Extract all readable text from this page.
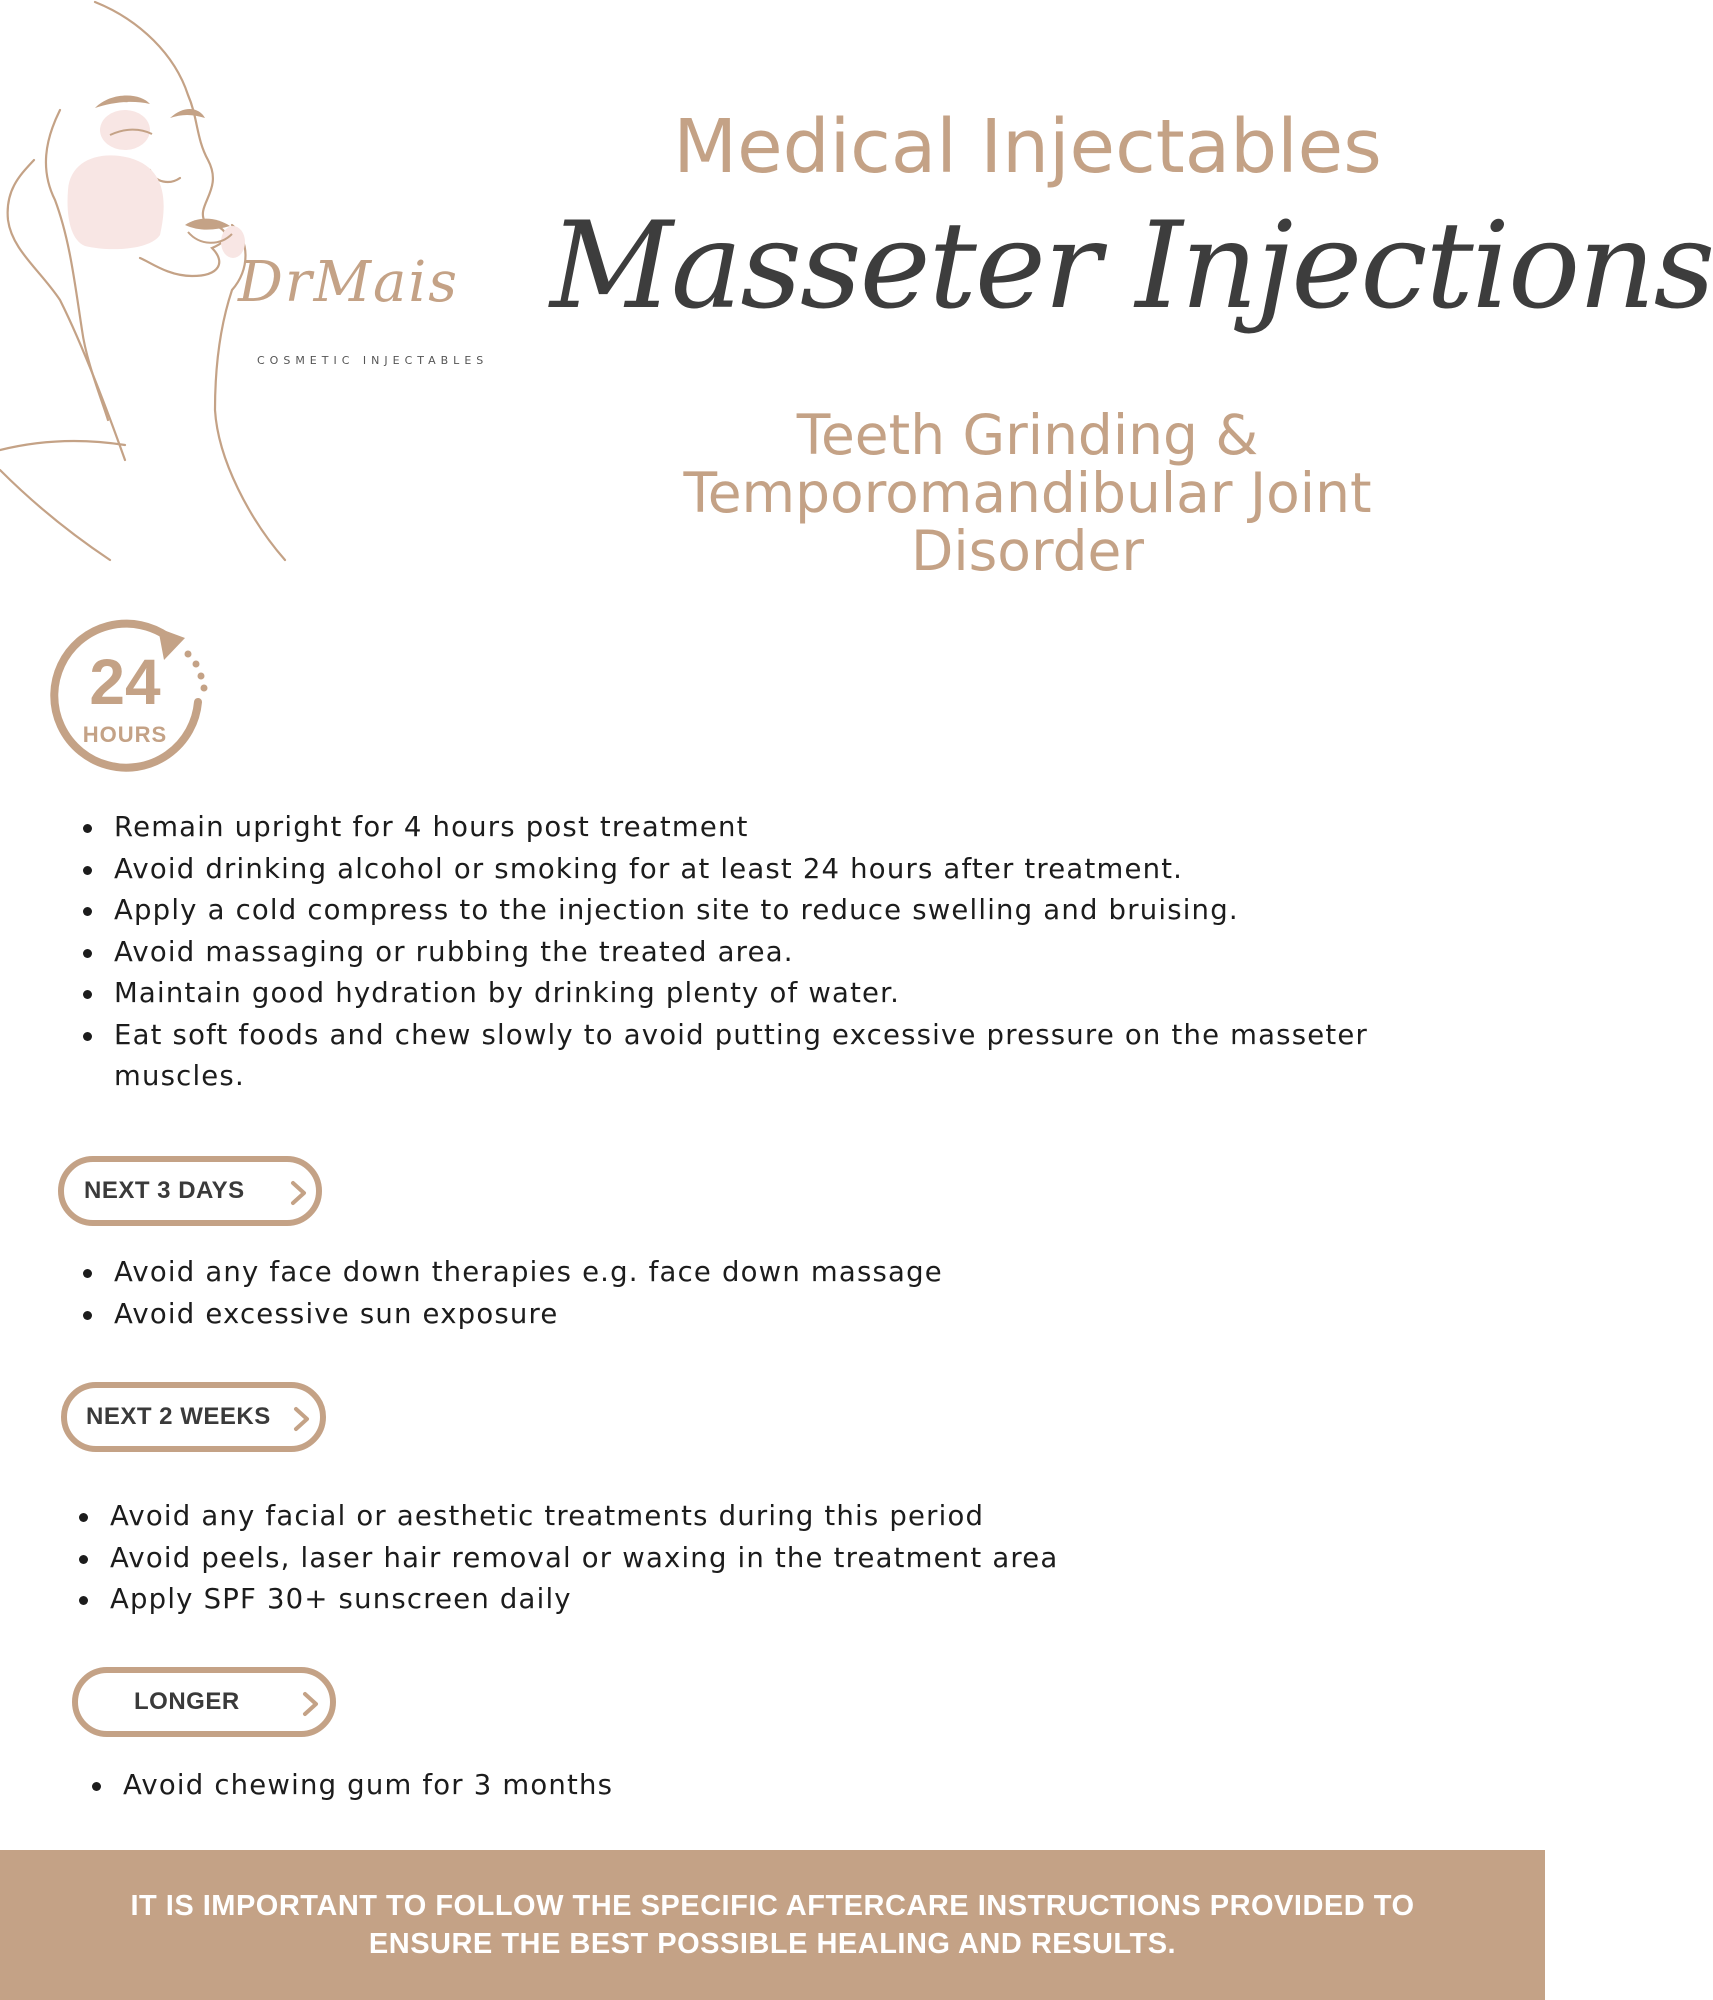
DrMais
COSMETIC INJECTABLES
Medical Injectables
Masseter Injections
Teeth Grinding & Temporomandibular Joint Disorder
24
HOURS
Remain upright for 4 hours post treatment
Avoid drinking alcohol or smoking for at least 24 hours after treatment.
Apply a cold compress to the injection site to reduce swelling and bruising.
Avoid massaging or rubbing the treated area.
Maintain good hydration by drinking plenty of water.
Eat soft foods and chew slowly to avoid putting excessive pressure on the masseter muscles.
NEXT 3 DAYS
Avoid any face down therapies e.g. face down massage
Avoid excessive sun exposure
NEXT 2 WEEKS
Avoid any facial or aesthetic treatments during this period
Avoid peels, laser hair removal or waxing in the treatment area
Apply SPF 30+ sunscreen daily
LONGER
Avoid chewing gum for 3 months
IT IS IMPORTANT TO FOLLOW THE SPECIFIC AFTERCARE INSTRUCTIONS PROVIDED TO ENSURE THE BEST POSSIBLE HEALING AND RESULTS.
